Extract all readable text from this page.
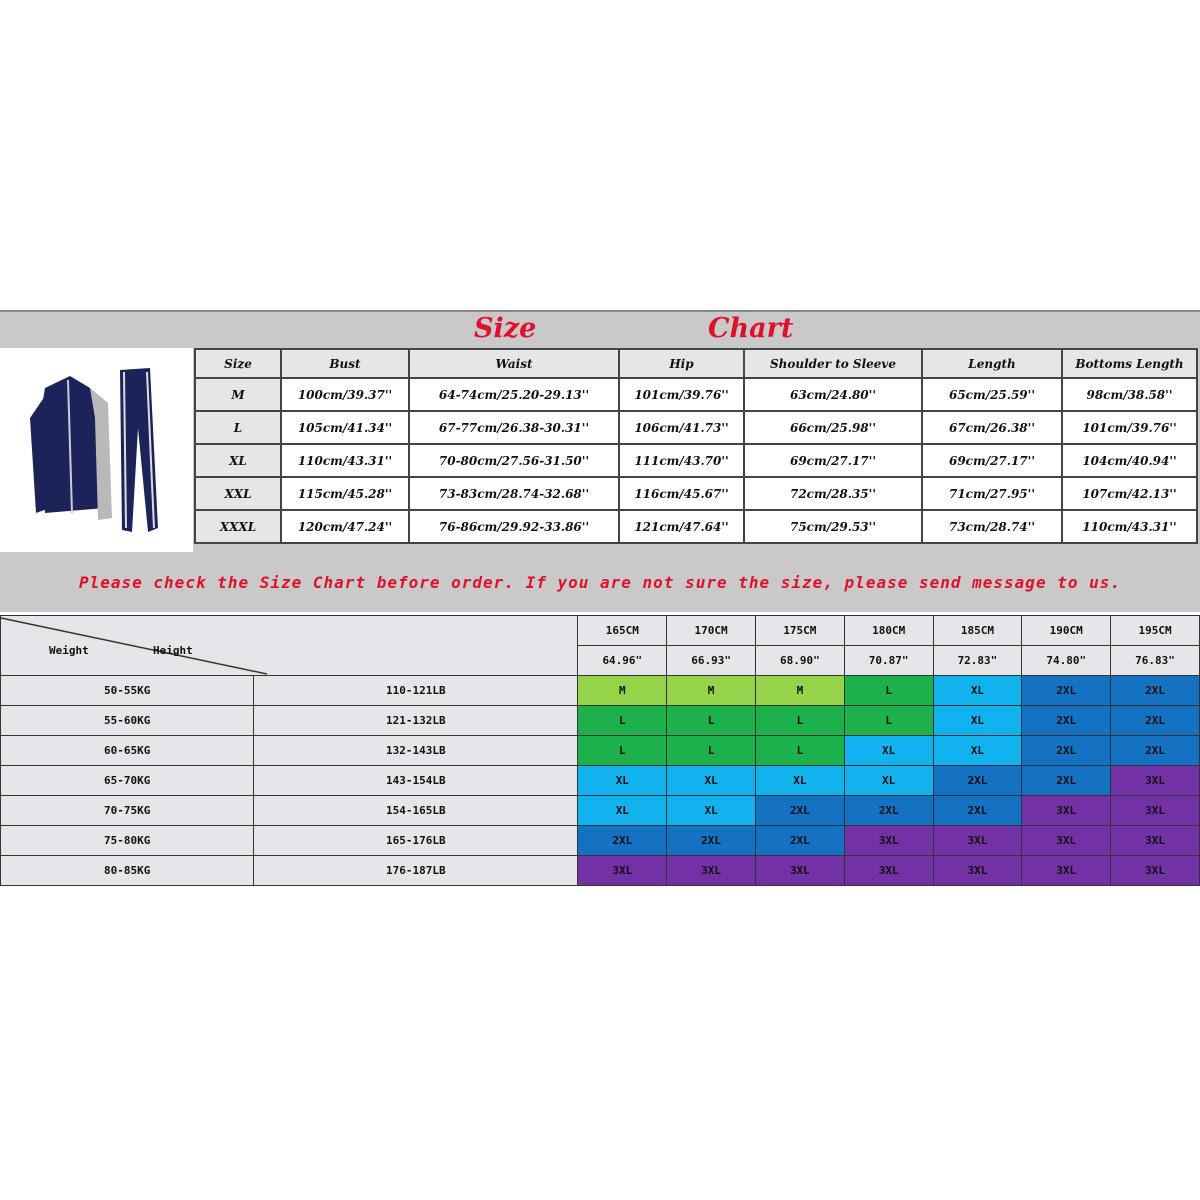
Size	Chart
Size	Bust	Waist	Hip	Shoulder to Sleeve	Length	Bottoms Length
M	100cm/39.37''	64-74cm/25.20-29.13''	101cm/39.76''	63cm/24.80''	65cm/25.59''	98cm/38.58''
L	105cm/41.34''	67-77cm/26.38-30.31''	106cm/41.73''	66cm/25.98''	67cm/26.38''	101cm/39.76''
XL	110cm/43.31''	70-80cm/27.56-31.50''	111cm/43.70''	69cm/27.17''	69cm/27.17''	104cm/40.94''
XXL	115cm/45.28''	73-83cm/28.74-32.68''	116cm/45.67''	72cm/28.35''	71cm/27.95''	107cm/42.13''
XXXL	120cm/47.24''	76-86cm/29.92-33.86''	121cm/47.64''	75cm/29.53''	73cm/28.74''	110cm/43.31''
Please check the Size Chart before order. If you are not sure the size, please send message to us.
Weight Height		165CM	170CM	175CM	180CM	185CM	190CM	195CM
		64.96"	66.93"	68.90"	70.87"	72.83"	74.80"	76.83"
50-55KG	110-121LB	M	M	M	L	XL	2XL	2XL
55-60KG	121-132LB	L	L	L	L	XL	2XL	2XL
60-65KG	132-143LB	L	L	L	XL	XL	2XL	2XL
65-70KG	143-154LB	XL	XL	XL	XL	2XL	2XL	3XL
70-75KG	154-165LB	XL	XL	2XL	2XL	2XL	3XL	3XL
75-80KG	165-176LB	2XL	2XL	2XL	3XL	3XL	3XL	3XL
80-85KG	176-187LB	3XL	3XL	3XL	3XL	3XL	3XL	3XL
